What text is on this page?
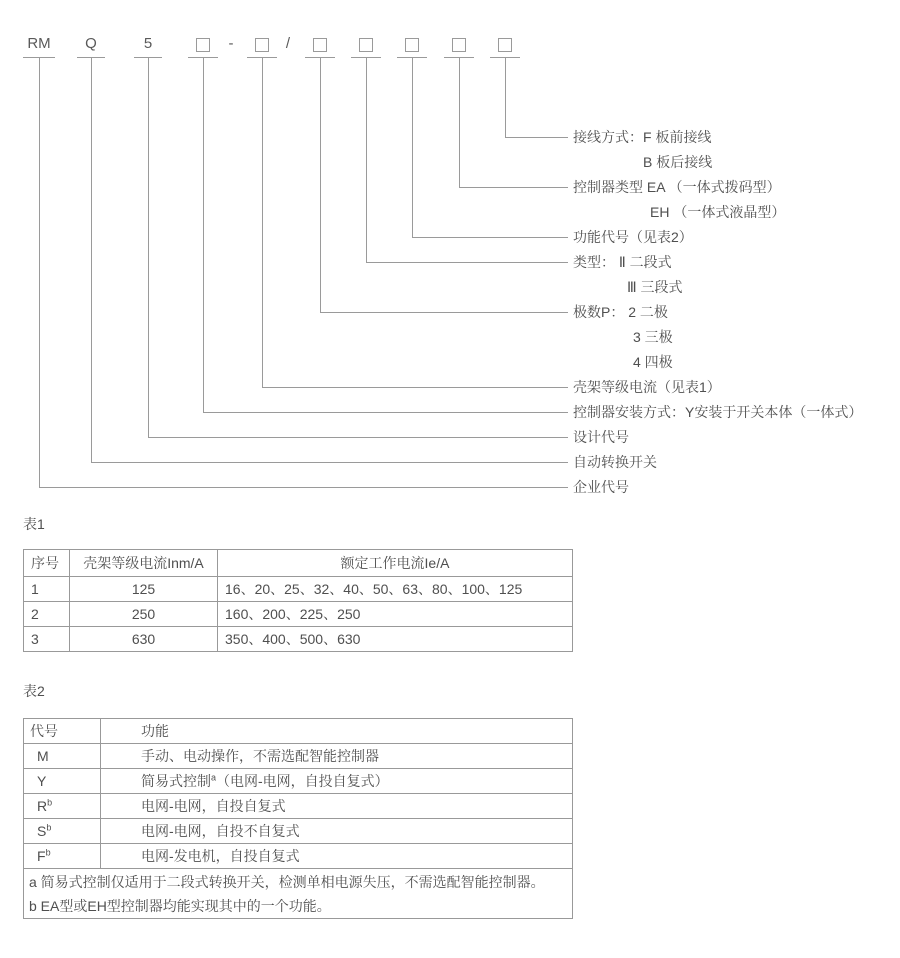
RM Q	5	-	/
接线方式：F 板前接线
B 板后接线
控制器类型 EA （一体式拨码型）
EH （一体式液晶型）
功能代号（见表2）
类型： Ⅱ 二段式
Ⅲ 三段式
极数P： 2 二极
3 三极
4 四极
壳架等级电流（见表1）
控制器安装方式：Y安装于开关本体（一体式）
设计代号
自动转换开关
企业代号
表1
序号	壳架等级电流Inm/A	额定工作电流Ie/A
1	125	16、20、25、32、40、50、63、80、100、125
2	250	160、200、225、250
3	630	350、400、500、630
表2
代号	功能
M	手动、电动操作，不需选配智能控制器
Y	简易式控制$^a$（电网-电网，自投自复式）
$R^b$	电网-电网，自投自复式
$S^b$	电网-电网，自投不自复式
$F^b$	电网-发电机，自投自复式

a 简易式控制仅适用于二段式转换开关，检测单相电源失压，不需选配智能控制器。
b EA型或EH型控制器均能实现其中的一个功能。	
